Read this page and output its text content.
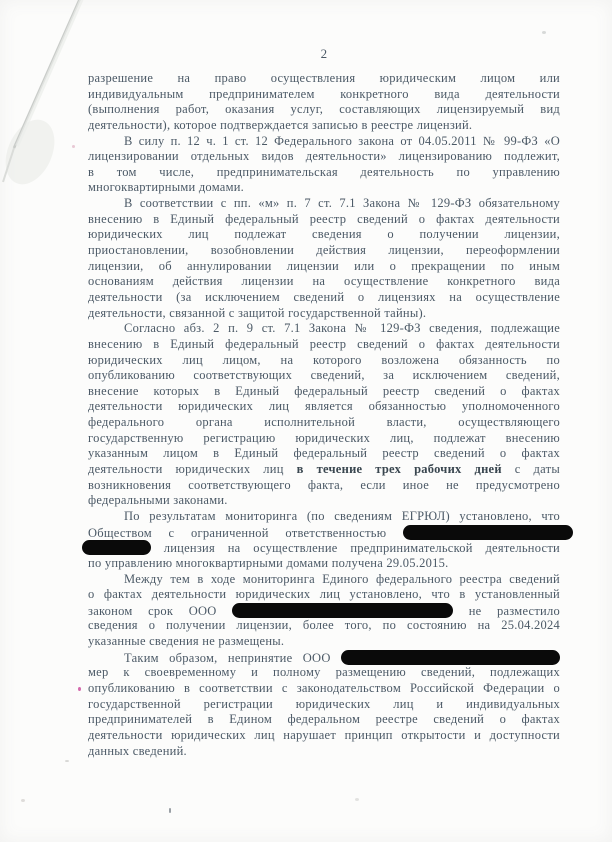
2
разрешение на право осуществления юридическим лицом или
индивидуальным предпринимателем конкретного вида деятельности
(выполнения работ, оказания услуг, составляющих лицензируемый вид
деятельности), которое подтверждается записью в реестре лицензий.
В силу п. 12 ч. 1 ст. 12 Федерального закона от 04.05.2011 № 99-ФЗ «О
лицензировании отдельных видов деятельности» лицензированию подлежит,
в том числе, предпринимательская деятельность по управлению
многоквартирными домами.
В соответствии с пп. «м» п. 7 ст. 7.1 Закона № 129-ФЗ обязательному
внесению в Единый федеральный реестр сведений о фактах деятельности
юридических лиц подлежат сведения о получении лицензии,
приостановлении, возобновлении действия лицензии, переоформлении
лицензии, об аннулировании лицензии или о прекращении по иным
основаниям действия лицензии на осуществление конкретного вида
деятельности (за исключением сведений о лицензиях на осуществление
деятельности, связанной с защитой государственной тайны).
Согласно абз. 2 п. 9 ст. 7.1 Закона № 129-ФЗ сведения, подлежащие
внесению в Единый федеральный реестр сведений о фактах деятельности
юридических лиц лицом, на которого возложена обязанность по
опубликованию соответствующих сведений, за исключением сведений,
внесение которых в Единый федеральный реестр сведений о фактах
деятельности юридических лиц является обязанностью уполномоченного
федерального органа исполнительной власти, осуществляющего
государственную регистрацию юридических лиц, подлежат внесению
указанным лицом в Единый федеральный реестр сведений о фактах
деятельности юридических лиц в течение трех рабочих дней с даты
возникновения соответствующего факта, если иное не предусмотрено
федеральными законами.
По результатам мониторинга (по сведениям ЕГРЮЛ) установлено, что
Обществом с ограниченной ответственностью
лицензия на осуществление предпринимательской деятельности
по управлению многоквартирными домами получена 29.05.2015.
Между тем в ходе мониторинга Единого федерального реестра сведений
о фактах деятельности юридических лиц установлено, что в установленный
законом срок ООО	не разместило
сведения о получении лицензии, более того, по состоянию на 25.04.2024
указанные сведения не размещены.
Таким образом, непринятие ООО
мер к своевременному и полному размещению сведений, подлежащих
опубликованию в соответствии с законодательством Российской Федерации о
государственной регистрации юридических лиц и индивидуальных
предпринимателей в Едином федеральном реестре сведений о фактах
деятельности юридических лиц нарушает принцип открытости и доступности
данных сведений.
